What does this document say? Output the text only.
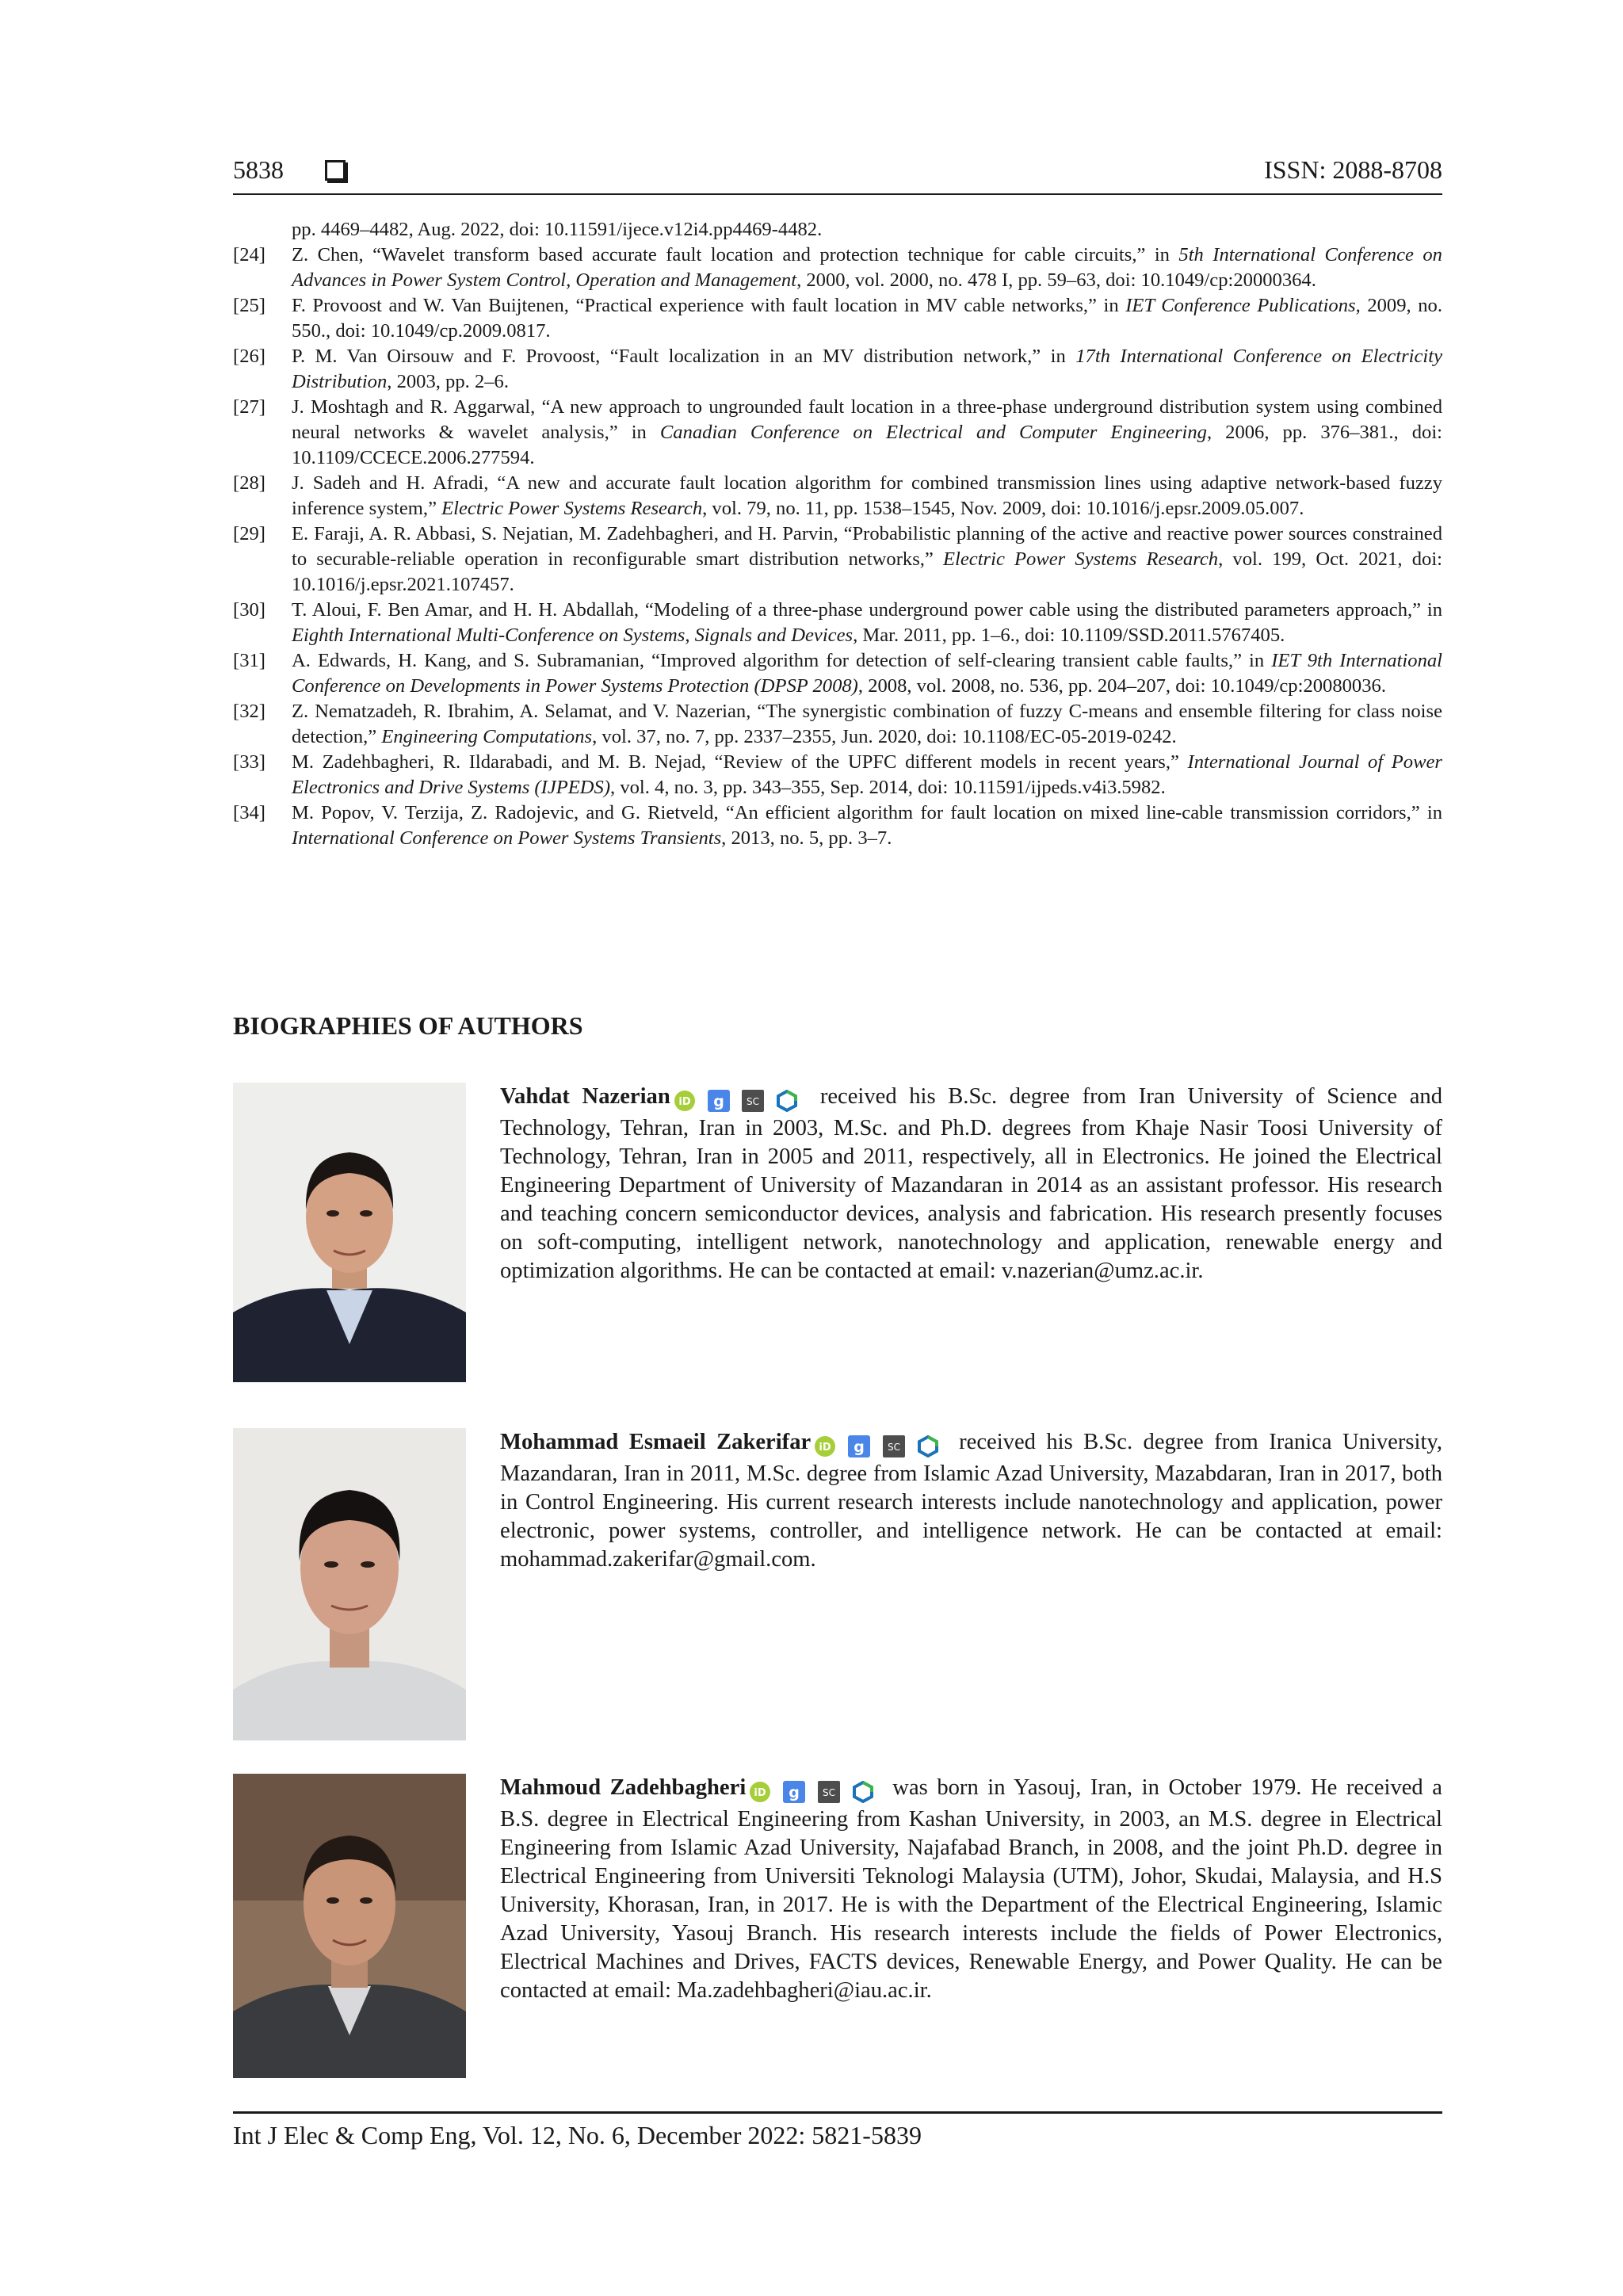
5838	ISSN: 2088-8708
pp. 4469–4482, Aug. 2022, doi: 10.11591/ijece.v12i4.pp4469-4482.
[24]	Z. Chen, “Wavelet transform based accurate fault location and protection technique for cable circuits,” in 5th International Conference on Advances in Power System Control, Operation and Management, 2000, vol. 2000, no. 478 I, pp. 59–63, doi: 10.1049/cp:20000364.
[25]	F. Provoost and W. Van Buijtenen, “Practical experience with fault location in MV cable networks,” in IET Conference Publications, 2009, no. 550., doi: 10.1049/cp.2009.0817.
[26]	P. M. Van Oirsouw and F. Provoost, “Fault localization in an MV distribution network,” in 17th International Conference on Electricity Distribution, 2003, pp. 2–6.
[27]	J. Moshtagh and R. Aggarwal, “A new approach to ungrounded fault location in a three-phase underground distribution system using combined neural networks & wavelet analysis,” in Canadian Conference on Electrical and Computer Engineering, 2006, pp. 376–381., doi: 10.1109/CCECE.2006.277594.
[28]	J. Sadeh and H. Afradi, “A new and accurate fault location algorithm for combined transmission lines using adaptive network-based fuzzy inference system,” Electric Power Systems Research, vol. 79, no. 11, pp. 1538–1545, Nov. 2009, doi: 10.1016/j.epsr.2009.05.007.
[29]	E. Faraji, A. R. Abbasi, S. Nejatian, M. Zadehbagheri, and H. Parvin, “Probabilistic planning of the active and reactive power sources constrained to securable-reliable operation in reconfigurable smart distribution networks,” Electric Power Systems Research, vol. 199, Oct. 2021, doi: 10.1016/j.epsr.2021.107457.
[30]	T. Aloui, F. Ben Amar, and H. H. Abdallah, “Modeling of a three-phase underground power cable using the distributed parameters approach,” in Eighth International Multi-Conference on Systems, Signals and Devices, Mar. 2011, pp. 1–6., doi: 10.1109/SSD.2011.5767405.
[31]	A. Edwards, H. Kang, and S. Subramanian, “Improved algorithm for detection of self-clearing transient cable faults,” in IET 9th International Conference on Developments in Power Systems Protection (DPSP 2008), 2008, vol. 2008, no. 536, pp. 204–207, doi: 10.1049/cp:20080036.
[32]	Z. Nematzadeh, R. Ibrahim, A. Selamat, and V. Nazerian, “The synergistic combination of fuzzy C-means and ensemble filtering for class noise detection,” Engineering Computations, vol. 37, no. 7, pp. 2337–2355, Jun. 2020, doi: 10.1108/EC-05-2019-0242.
[33]	M. Zadehbagheri, R. Ildarabadi, and M. B. Nejad, “Review of the UPFC different models in recent years,” International Journal of Power Electronics and Drive Systems (IJPEDS), vol. 4, no. 3, pp. 343–355, Sep. 2014, doi: 10.11591/ijpeds.v4i3.5982.
[34]	M. Popov, V. Terzija, Z. Radojevic, and G. Rietveld, “An efficient algorithm for fault location on mixed line-cable transmission corridors,” in International Conference on Power Systems Transients, 2013, no. 5, pp. 3–7.
BIOGRAPHIES OF AUTHORS
Vahdat Nazerian iD
g
SC received his B.Sc. degree from Iran University of Science and Technology, Tehran, Iran in 2003, M.Sc. and Ph.D. degrees from Khaje Nasir Toosi University of Technology, Tehran, Iran in 2005 and 2011, respectively, all in Electronics. He joined the Electrical Engineering Department of University of Mazandaran in 2014 as an assistant professor. His research and teaching concern semiconductor devices, analysis and fabrication. His research presently focuses on soft-computing, intelligent network, nanotechnology and application, renewable energy and optimization algorithms. He can be contacted at email: v.nazerian@umz.ac.ir.
Mohammad Esmaeil Zakerifar iD
g
SC received his B.Sc. degree from Iranica University, Mazandaran, Iran in 2011, M.Sc. degree from Islamic Azad University, Mazabdaran, Iran in 2017, both in Control Engineering. His current research interests include nanotechnology and application, power electronic, power systems, controller, and intelligence network. He can be contacted at email: mohammad.zakerifar@gmail.com.
Mahmoud Zadehbagheri iD
g
SC was born in Yasouj, Iran, in October 1979. He received a B.S. degree in Electrical Engineering from Kashan University, in 2003, an M.S. degree in Electrical Engineering from Islamic Azad University, Najafabad Branch, in 2008, and the joint Ph.D. degree in Electrical Engineering from Universiti Teknologi Malaysia (UTM), Johor, Skudai, Malaysia, and H.S University, Khorasan, Iran, in 2017. He is with the Department of the Electrical Engineering, Islamic Azad University, Yasouj Branch. His research interests include the fields of Power Electronics, Electrical Machines and Drives, FACTS devices, Renewable Energy, and Power Quality. He can be contacted at email: Ma.zadehbagheri@iau.ac.ir.
Int J Elec & Comp Eng, Vol. 12, No. 6, December 2022: 5821-5839
